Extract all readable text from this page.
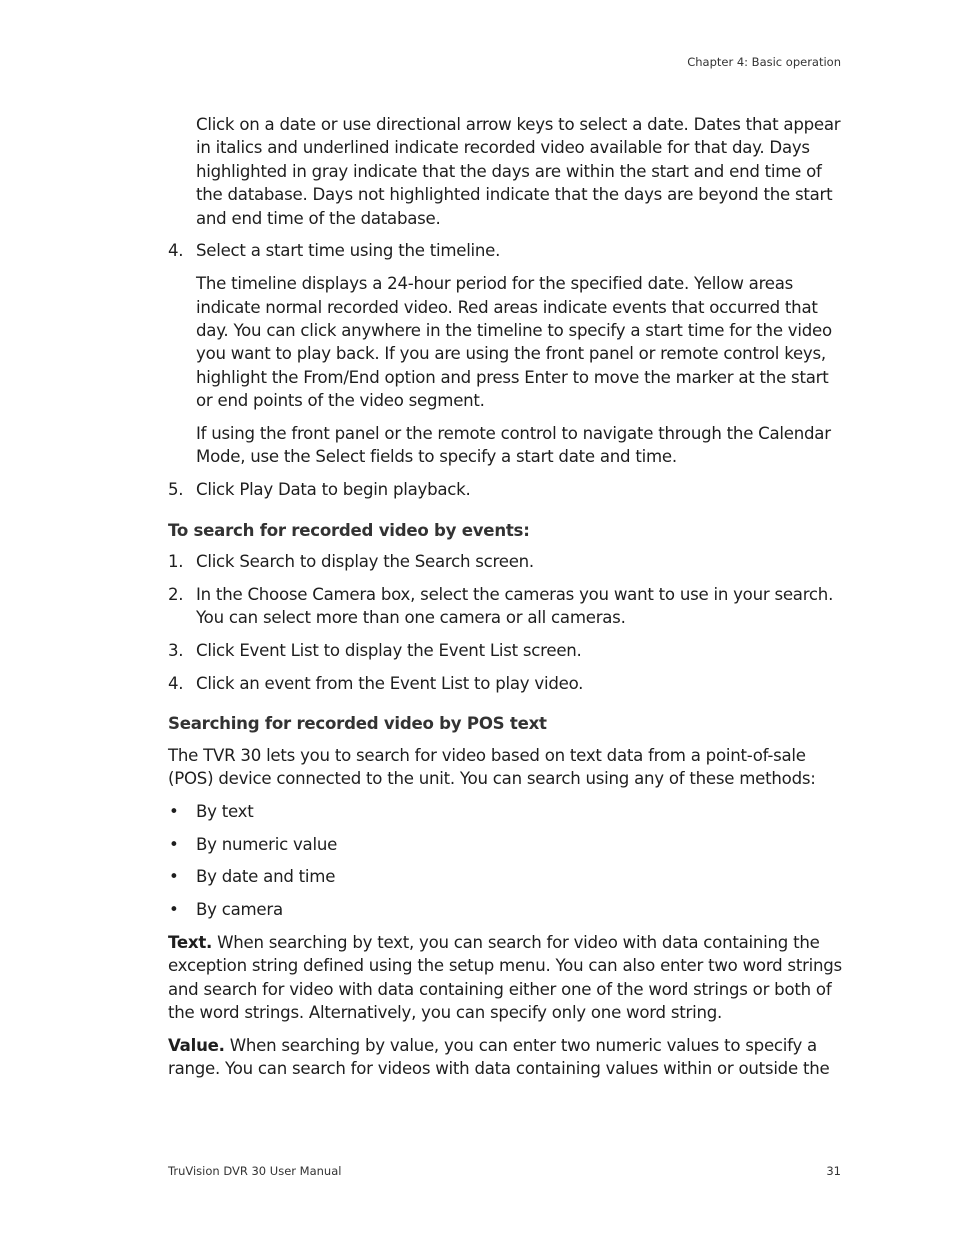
Chapter 4: Basic operation

Click on a date or use directional arrow keys to select a date. Dates that appear in italics and underlined indicate recorded video available for that day. Days highlighted in gray indicate that the days are within the start and end time of the database. Days not highlighted indicate that the days are beyond the start and end time of the database.

4. Select a start time using the timeline.

The timeline displays a 24-hour period for the specified date. Yellow areas indicate normal recorded video. Red areas indicate events that occurred that day. You can click anywhere in the timeline to specify a start time for the video you want to play back. If you are using the front panel or remote control keys, highlight the From/End option and press Enter to move the marker at the start or end points of the video segment.

If using the front panel or the remote control to navigate through the Calendar Mode, use the Select fields to specify a start date and time.

5. Click Play Data to begin playback.

To search for recorded video by events:

1. Click Search to display the Search screen.
2. In the Choose Camera box, select the cameras you want to use in your search. You can select more than one camera or all cameras.
3. Click Event List to display the Event List screen.
4. Click an event from the Event List to play video.

Searching for recorded video by POS text

The TVR 30 lets you to search for video based on text data from a point-of-sale (POS) device connected to the unit. You can search using any of these methods:

• By text
• By numeric value
• By date and time
• By camera

Text. When searching by text, you can search for video with data containing the exception string defined using the setup menu. You can also enter two word strings and search for video with data containing either one of the word strings or both of the word strings. Alternatively, you can specify only one word string.

Value. When searching by value, you can enter two numeric values to specify a range. You can search for videos with data containing values within or outside the

TruVision DVR 30 User Manual	31
